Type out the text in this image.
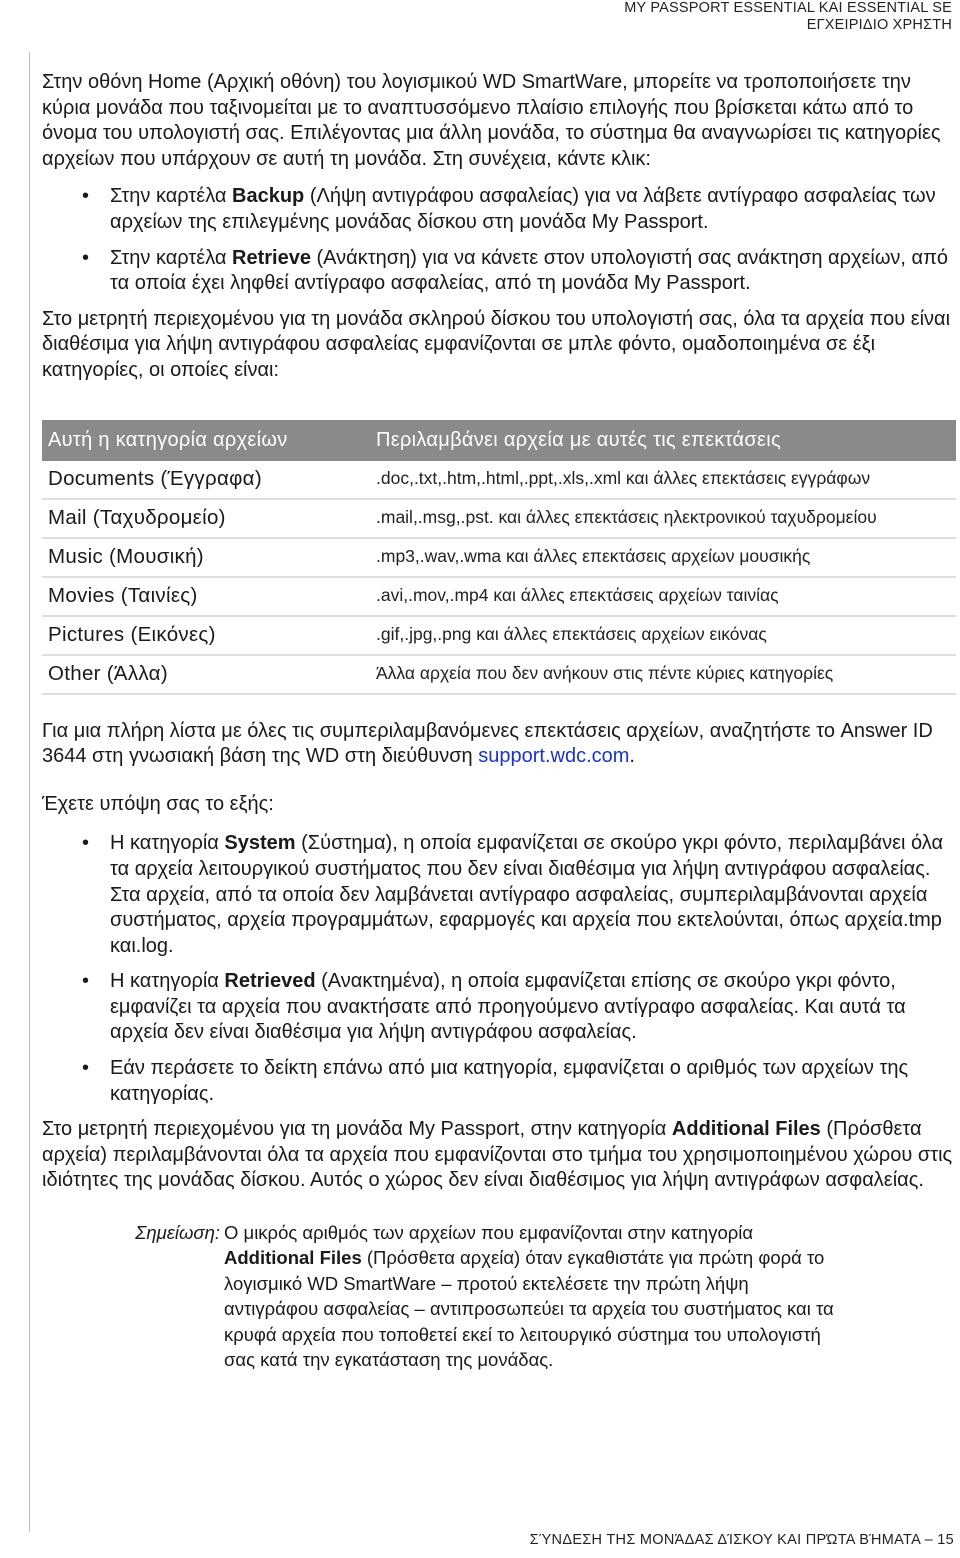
MY PASSPORT ESSENTIAL KAI ESSENTIAL SE
ΕΓΧΕΙΡΙΔΙΟ ΧΡΗΣΤΗ

Στην οθόνη Home (Αρχική οθόνη) του λογισμικού WD SmartWare, μπορείτε να τροποποιήσετε την κύρια μονάδα που ταξινομείται με το αναπτυσσόμενο πλαίσιο επιλογής που βρίσκεται κάτω από το όνομα του υπολογιστή σας. Επιλέγοντας μια άλλη μονάδα, το σύστημα θα αναγνωρίσει τις κατηγορίες αρχείων που υπάρχουν σε αυτή τη μονάδα. Στη συνέχεια, κάντε κλικ:

• Στην καρτέλα Backup (Λήψη αντιγράφου ασφαλείας) για να λάβετε αντίγραφο ασφαλείας των αρχείων της επιλεγμένης μονάδας δίσκου στη μονάδα My Passport.
• Στην καρτέλα Retrieve (Ανάκτηση) για να κάνετε στον υπολογιστή σας ανάκτηση αρχείων, από τα οποία έχει ληφθεί αντίγραφο ασφαλείας, από τη μονάδα My Passport.

Στο μετρητή περιεχομένου για τη μονάδα σκληρού δίσκου του υπολογιστή σας, όλα τα αρχεία που είναι διαθέσιμα για λήψη αντιγράφου ασφαλείας εμφανίζονται σε μπλε φόντο, ομαδοποιημένα σε έξι κατηγορίες, οι οποίες είναι:

Αυτή η κατηγορία αρχείων	Περιλαμβάνει αρχεία με αυτές τις επεκτάσεις
Documents (Έγγραφα)	.doc,.txt,.htm,.html,.ppt,.xls,.xml και άλλες επεκτάσεις εγγράφων
Mail (Ταχυδρομείο)	.mail,.msg,.pst. και άλλες επεκτάσεις ηλεκτρονικού ταχυδρομείου
Music (Μουσική)	.mp3,.wav,.wma και άλλες επεκτάσεις αρχείων μουσικής
Movies (Ταινίες)	.avi,.mov,.mp4 και άλλες επεκτάσεις αρχείων ταινίας
Pictures (Εικόνες)	.gif,.jpg,.png και άλλες επεκτάσεις αρχείων εικόνας
Other (Άλλα)	Άλλα αρχεία που δεν ανήκουν στις πέντε κύριες κατηγορίες

Για μια πλήρη λίστα με όλες τις συμπεριλαμβανόμενες επεκτάσεις αρχείων, αναζητήστε το Answer ID 3644 στη γνωσιακή βάση της WD στη διεύθυνση support.wdc.com.

Έχετε υπόψη σας το εξής:

• Η κατηγορία System (Σύστημα), η οποία εμφανίζεται σε σκούρο γκρι φόντο, περιλαμβάνει όλα τα αρχεία λειτουργικού συστήματος που δεν είναι διαθέσιμα για λήψη αντιγράφου ασφαλείας. Στα αρχεία, από τα οποία δεν λαμβάνεται αντίγραφο ασφαλείας, συμπεριλαμβάνονται αρχεία συστήματος, αρχεία προγραμμάτων, εφαρμογές και αρχεία που εκτελούνται, όπως αρχεία.tmp και.log.
• Η κατηγορία Retrieved (Ανακτημένα), η οποία εμφανίζεται επίσης σε σκούρο γκρι φόντο, εμφανίζει τα αρχεία που ανακτήσατε από προηγούμενο αντίγραφο ασφαλείας. Και αυτά τα αρχεία δεν είναι διαθέσιμα για λήψη αντιγράφου ασφαλείας.
• Εάν περάσετε το δείκτη επάνω από μια κατηγορία, εμφανίζεται ο αριθμός των αρχείων της κατηγορίας.

Στο μετρητή περιεχομένου για τη μονάδα My Passport, στην κατηγορία Additional Files (Πρόσθετα αρχεία) περιλαμβάνονται όλα τα αρχεία που εμφανίζονται στο τμήμα του χρησιμοποιημένου χώρου στις ιδιότητες της μονάδας δίσκου. Αυτός ο χώρος δεν είναι διαθέσιμος για λήψη αντιγράφων ασφαλείας.

Σημείωση: Ο μικρός αριθμός των αρχείων που εμφανίζονται στην κατηγορία Additional Files (Πρόσθετα αρχεία) όταν εγκαθιστάτε για πρώτη φορά το λογισμικό WD SmartWare – προτού εκτελέσετε την πρώτη λήψη αντιγράφου ασφαλείας – αντιπροσωπεύει τα αρχεία του συστήματος και τα κρυφά αρχεία που τοποθετεί εκεί το λειτουργικό σύστημα του υπολογιστή σας κατά την εγκατάσταση της μονάδας.
ΣΎΝΔΕΣΗ ΤΗΣ ΜΟΝΆΔΑΣ ΔΊΣΚΟΥ ΚΑΙ ΠΡΏΤΑ ΒΉΜΑΤΑ – 15
